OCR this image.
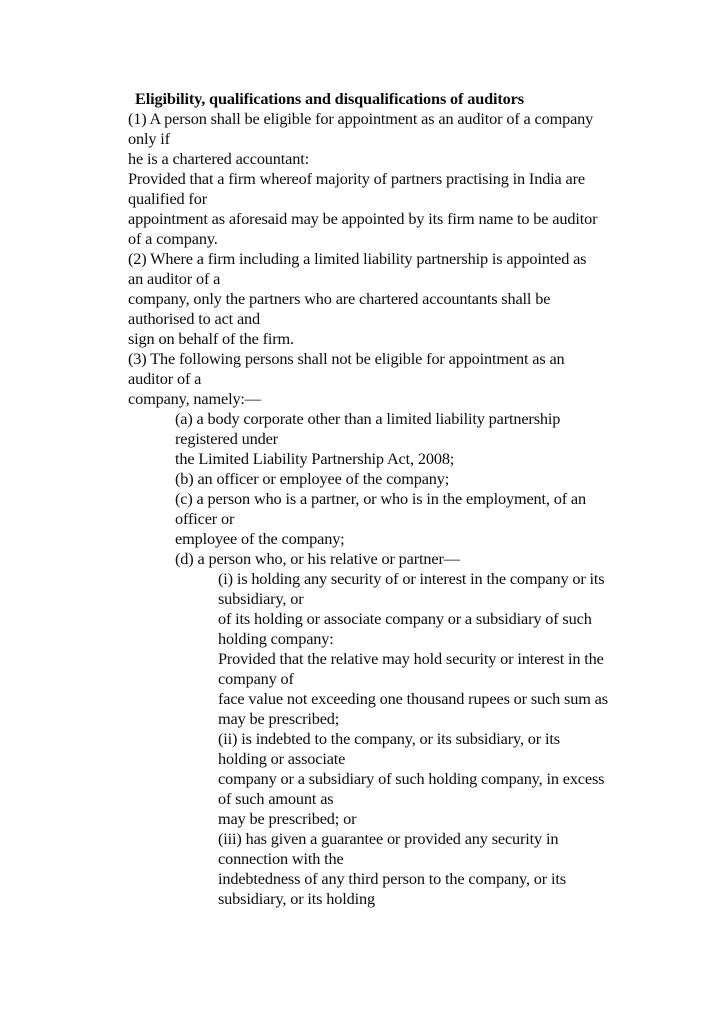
Eligibility, qualifications and disqualifications of auditors
(1) A person shall be eligible for appointment as an auditor of a company
only if
he is a chartered accountant:
Provided that a firm whereof majority of partners practising in India are
qualified for
appointment as aforesaid may be appointed by its firm name to be auditor
of a company.
(2) Where a firm including a limited liability partnership is appointed as
an auditor of a
company, only the partners who are chartered accountants shall be
authorised to act and
sign on behalf of the firm.
(3) The following persons shall not be eligible for appointment as an
auditor of a
company, namely:—
(a) a body corporate other than a limited liability partnership
registered under
the Limited Liability Partnership Act, 2008;
(b) an officer or employee of the company;
(c) a person who is a partner, or who is in the employment, of an
officer or
employee of the company;
(d) a person who, or his relative or partner—
(i) is holding any security of or interest in the company or its
subsidiary, or
of its holding or associate company or a subsidiary of such
holding company:
Provided that the relative may hold security or interest in the
company of
face value not exceeding one thousand rupees or such sum as
may be prescribed;
(ii) is indebted to the company, or its subsidiary, or its
holding or associate
company or a subsidiary of such holding company, in excess
of such amount as
may be prescribed; or
(iii) has given a guarantee or provided any security in
connection with the
indebtedness of any third person to the company, or its
subsidiary, or its holding
